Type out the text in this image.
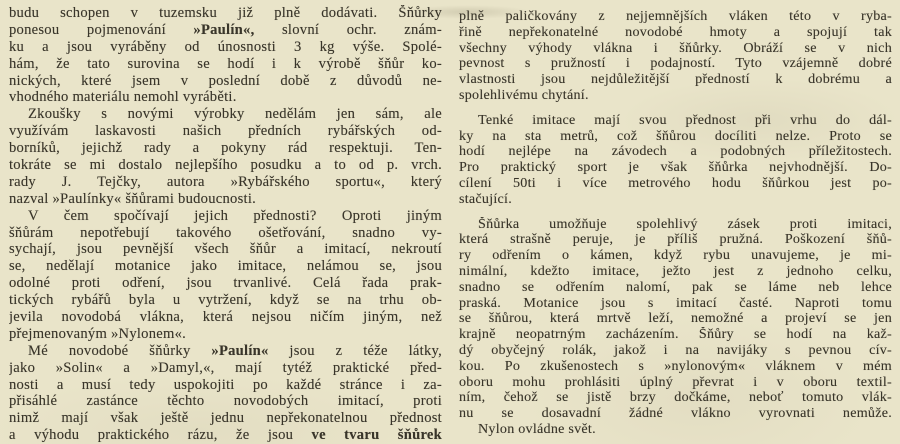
budu schopen v tuzemsku již plně dodávati. Šňůrky
ponesou pojmenování »Paulín«, slovní ochr. znám-
ku a jsou vyráběny od únosnosti 3 kg výše. Spolé-
hám, že tato surovina se hodí i k výrobě šňůr ko-
nických, které jsem v poslední době z důvodů ne-
vhodného materiálu nemohl vyráběti.
Zkoušky s novými výrobky nedělám jen sám, ale
využívám laskavosti našich předních rybářských od-
borníků, jejichž rady a pokyny rád respektuji. Ten-
tokráte se mi dostalo nejlepšího posudku a to od p. vrch.
rady J. Tejčky, autora »Rybářského sportu«, který
nazval »Paulínky« šňůrami budoucnosti.
V čem spočívají jejich přednosti? Oproti jiným
šňůrám nepotřebují takového ošetřování, snadno vy-
sychají, jsou pevnější všech šňůr a imitací, nekroutí
se, nedělají motanice jako imitace, nelámou se, jsou
odolné proti odření, jsou trvanlivé. Celá řada prak-
tických rybářů byla u vytržení, když se na trhu ob-
jevila novodobá vlákna, která nejsou ničím jiným, než
přejmenovaným »Nylonem«.
Mé novodobé šňůrky »Paulín« jsou z téže látky,
jako »Solin« a »Damyl,«, mají tytéž praktické před-
nosti a musí tedy uspokojiti po každé stránce i za-
přisáhlé zastánce těchto novodobých imitací, proti
nimž mají však ještě jednu nepřekonatelnou přednost
a výhodu praktického rázu, že jsou ve tvaru šňůrek
plně paličkovány z nejjemnějších vláken této v ryba-
řině nepřekonatelné novodobé hmoty a spojují tak
všechny výhody vlákna i šňůrky. Obráží se v nich
pevnost s pružností i podajností. Tyto vzájemně dobré
vlastnosti jsou nejdůležitější předností k dobrému a
spolehlivému chytání.
Tenké imitace mají svou přednost při vrhu do dál-
ky na sta metrů, což šňůrou docíliti nelze. Proto se
hodí nejlépe na závodech a podobných příležitostech.
Pro praktický sport je však šňůrka nejvhodnější. Do-
cílení 50ti i více metrového hodu šňůrkou jest po-
stačující.
Šňůrka umožňuje spolehlivý zásek proti imitaci,
která strašně peruje, je příliš pružná. Poškození šňů-
ry odřením o kámen, když rybu unavujeme, je mi-
nimální, kdežto imitace, ježto jest z jednoho celku,
snadno se odřením nalomí, pak se láme neb lehce
praská. Motanice jsou s imitací časté. Naproti tomu
se šňůrou, která mrtvě leží, nemožné a projeví se jen
krajně neopatrným zacházením. Šňůry se hodí na kaž-
dý obyčejný rolák, jakož i na navijáky s pevnou cív-
kou. Po zkušenostech s »nylonovým« vláknem v mém
oboru mohu prohlásiti úplný převrat i v oboru textil-
ním, čehož se jistě brzy dočkáme, neboť tomuto vlák-
nu se dosavadní žádné vlákno vyrovnati nemůže.
Nylon ovládne svět.
